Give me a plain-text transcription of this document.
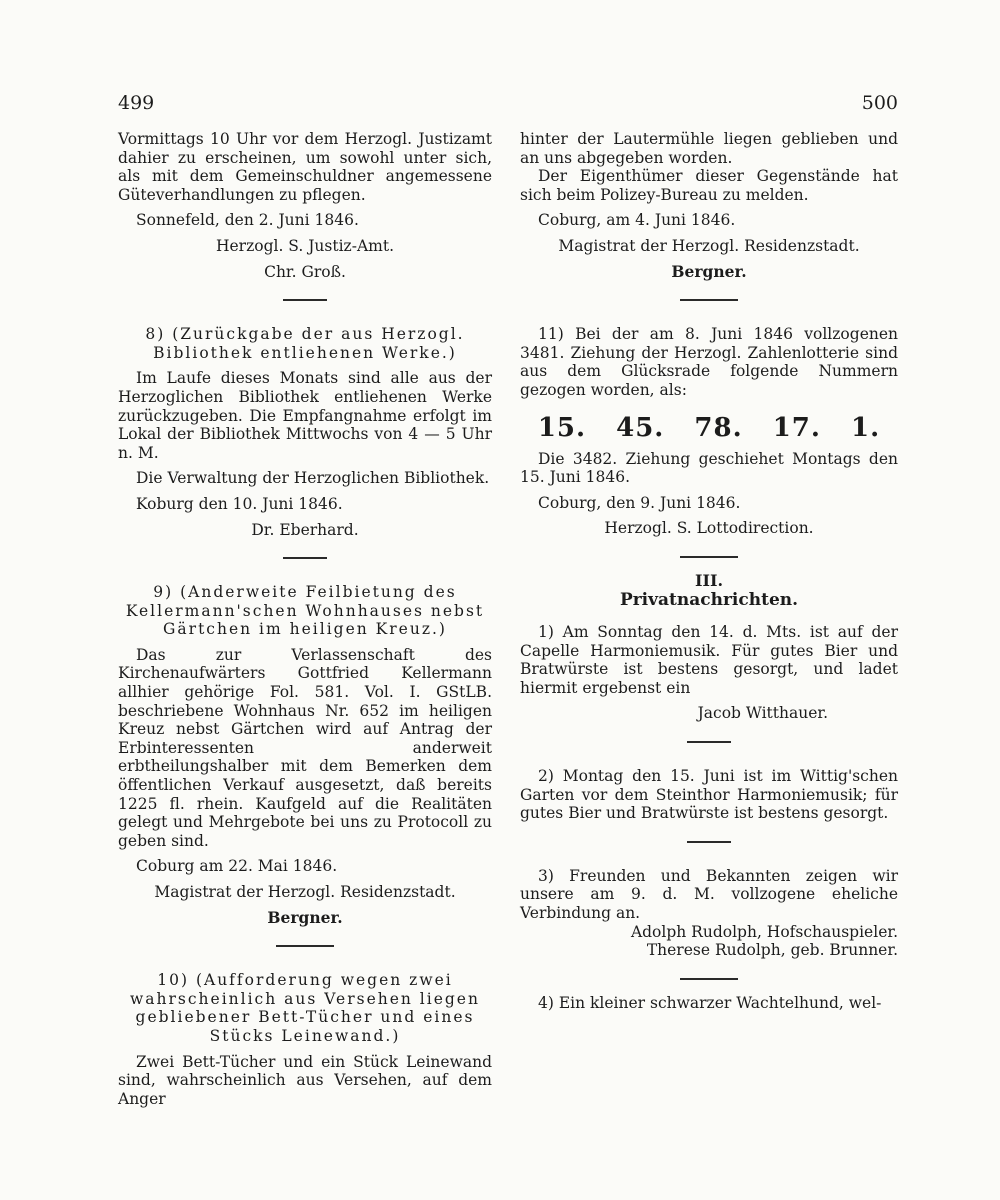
499	500

Vormittags 10 Uhr vor dem Herzogl. Justizamt dahier zu erscheinen, um sowohl unter sich, als mit dem Gemeinschuldner angemessene Güteverhandlungen zu pflegen.

Sonnefeld, den 2. Juni 1846.

Herzogl. S. Justiz-Amt.

Chr. Groß.

8) (Zurückgabe der aus Herzogl. Bibliothek entliehenen Werke.)

Im Laufe dieses Monats sind alle aus der Herzoglichen Bibliothek entliehenen Werke zurückzugeben. Die Empfangnahme erfolgt im Lokal der Bibliothek Mittwochs von 4 — 5 Uhr n. M.

Die Verwaltung der Herzoglichen Bibliothek.

Koburg den 10. Juni 1846.

Dr. Eberhard.

9) (Anderweite Feilbietung des Kellermann'schen Wohnhauses nebst Gärtchen im heiligen Kreuz.)

Das zur Verlassenschaft des Kirchenaufwärters Gottfried Kellermann allhier gehörige Fol. 581. Vol. I. GStLB. beschriebene Wohnhaus Nr. 652 im heiligen Kreuz nebst Gärtchen wird auf Antrag der Erbinteressenten anderweit erbtheilungshalber mit dem Bemerken dem öffentlichen Verkauf ausgesetzt, daß bereits 1225 fl. rhein. Kaufgeld auf die Realitäten gelegt und Mehrgebote bei uns zu Protocoll zu geben sind.

Coburg am 22. Mai 1846.

Magistrat der Herzogl. Residenzstadt.

Bergner.

10) (Aufforderung wegen zwei wahrscheinlich aus Versehen liegen gebliebener Bett-Tücher und eines Stücks Leinewand.)

Zwei Bett-Tücher und ein Stück Leinewand sind, wahrscheinlich aus Versehen, auf dem Anger

hinter der Lautermühle liegen geblieben und an uns abgegeben worden.

Der Eigenthümer dieser Gegenstände hat sich beim Polizey-Bureau zu melden.

Coburg, am 4. Juni 1846.

Magistrat der Herzogl. Residenzstadt.

Bergner.

11) Bei der am 8. Juni 1846 vollzogenen 3481. Ziehung der Herzogl. Zahlenlotterie sind aus dem Glücksrade folgende Nummern gezogen worden, als:

15. 45. 78. 17. 1.

Die 3482. Ziehung geschiehet Montags den 15. Juni 1846.

Coburg, den 9. Juni 1846.

Herzogl. S. Lottodirection.

III.

Privatnachrichten.

1) Am Sonntag den 14. d. Mts. ist auf der Capelle Harmoniemusik. Für gutes Bier und Bratwürste ist bestens gesorgt, und ladet hiermit ergebenst ein

Jacob Witthauer.

2) Montag den 15. Juni ist im Wittig'schen Garten vor dem Steinthor Harmoniemusik; für gutes Bier und Bratwürste ist bestens gesorgt.

3) Freunden und Bekannten zeigen wir unsere am 9. d. M. vollzogene eheliche Verbindung an.

Adolph Rudolph, Hofschauspieler.

Therese Rudolph, geb. Brunner.

4) Ein kleiner schwarzer Wachtelhund, wel-
